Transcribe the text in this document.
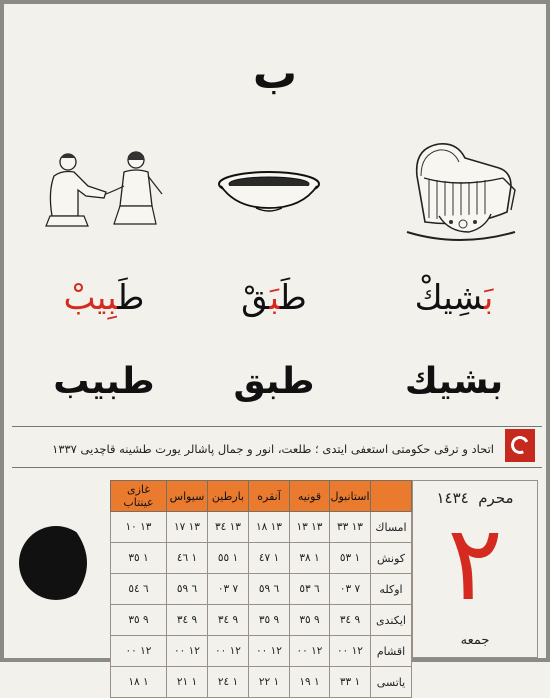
ب
بَشِيكْ
طَبَقْ
طَبِيبْ
بشيك
طبق
طبيب
اتحاد و ترقى حكومتى استعفى ايتدى ؛ طلعت، انور و جمال پاشالر يورت طشينه قاچديى ١٣٣٧
	استانبول	قونيه	آنقره	بارطين	سيواس	غازى عينتاب
امساك	١٣ ٣٣	١٣ ١٣	١٣ ١٨	١٣ ٣٤	١٣ ١٧	١٣ ١٠
كونش	١ ٥٣	١ ٣٨	١ ٤٧	١ ٥٥	١ ٤٦	١ ٣٥
اوكله	٧ ٠٣	٦ ٥٣	٦ ٥٩	٧ ٠٣	٦ ٥٩	٦ ٥٤
ايكندى	٩ ٣٤	٩ ٣٥	٩ ٣٥	٩ ٣٤	٩ ٣٤	٩ ٣٥
اقشام	١٢ ٠٠	١٢ ٠٠	١٢ ٠٠	١٢ ٠٠	١٢ ٠٠	١٢ ٠٠
ياتسى	١ ٣٣	١ ١٩	١ ٢٢	١ ٢٤	١ ٢١	١ ١٨
محرم  ١٤٣٤
٢
جمعه
